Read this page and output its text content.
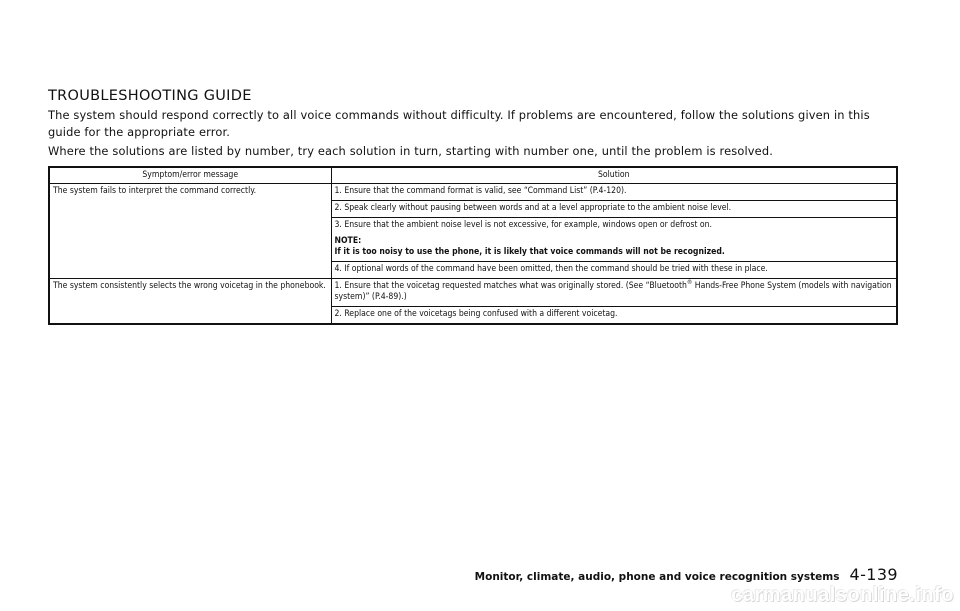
TROUBLESHOOTING GUIDE

The system should respond correctly to all voice commands without difficulty. If problems are encountered, follow the solutions given in this guide for the appropriate error.

Where the solutions are listed by number, try each solution in turn, starting with number one, until the problem is resolved.

Symptom/error message	Solution
The system fails to interpret the command correctly.	1. Ensure that the command format is valid, see “Command List” (P.4-120).
	2. Speak clearly without pausing between words and at a level appropriate to the ambient noise level.
	3. Ensure that the ambient noise level is not excessive, for example, windows open or defrost on.
NOTE:
If it is too noisy to use the phone, it is likely that voice commands will not be recognized.

	4. If optional words of the command have been omitted, then the command should be tried with these in place.
The system consistently selects the wrong voicetag in the phonebook.	1. Ensure that the voicetag requested matches what was originally stored. (See “Bluetooth® Hands-Free Phone System (models with navigation system)” (P.4-89).)
	2. Replace one of the voicetags being confused with a different voicetag.
Monitor, climate, audio, phone and voice recognition systems 4-139
carmanualsonline.info
